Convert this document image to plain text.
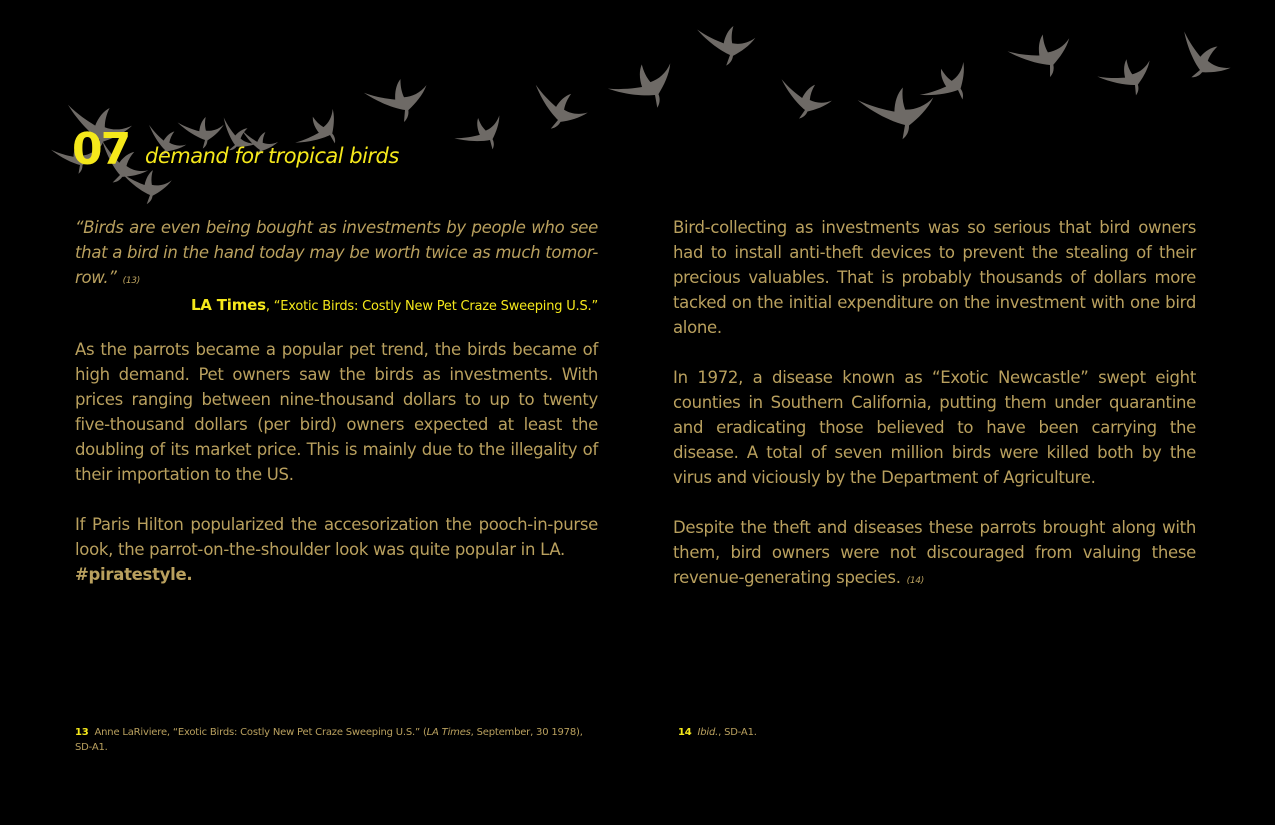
07 demand for tropical birds

“Birds are even being bought as investments by people who see that a bird in the hand today may be worth twice as much tomor-row.” (13)

LA Times, “Exotic Birds: Costly New Pet Craze Sweeping U.S.”

As the parrots became a popular pet trend, the birds became of high demand. Pet owners saw the birds as investments. With prices ranging between nine-thousand dollars to up to twenty five-thousand dollars (per bird) owners expected at least the doubling of its market price. This is mainly due to the illegality of their importation to the US.

If Paris Hilton popularized the accesorization the pooch-in-purse look, the parrot-on-the-shoulder look was quite popular in LA.
#piratestyle.

Bird-collecting as investments was so serious that bird owners had to install anti-theft devices to prevent the stealing of their precious valuables. That is probably thousands of dollars more tacked on the initial expenditure on the investment with one bird alone.

In 1972, a disease known as “Exotic Newcastle” swept eight counties in Southern California, putting them under quarantine and eradicating those believed to have been carrying the disease. A total of seven million birds were killed both by the virus and viciously by the Department of Agriculture.

Despite the theft and diseases these parrots brought along with them, bird owners were not discouraged from valuing these revenue-generating species. (14)

13 Anne LaRiviere, “Exotic Birds: Costly New Pet Craze Sweeping U.S.” (LA Times, September, 30 1978), SD-A1.
14 Ibid., SD-A1.
